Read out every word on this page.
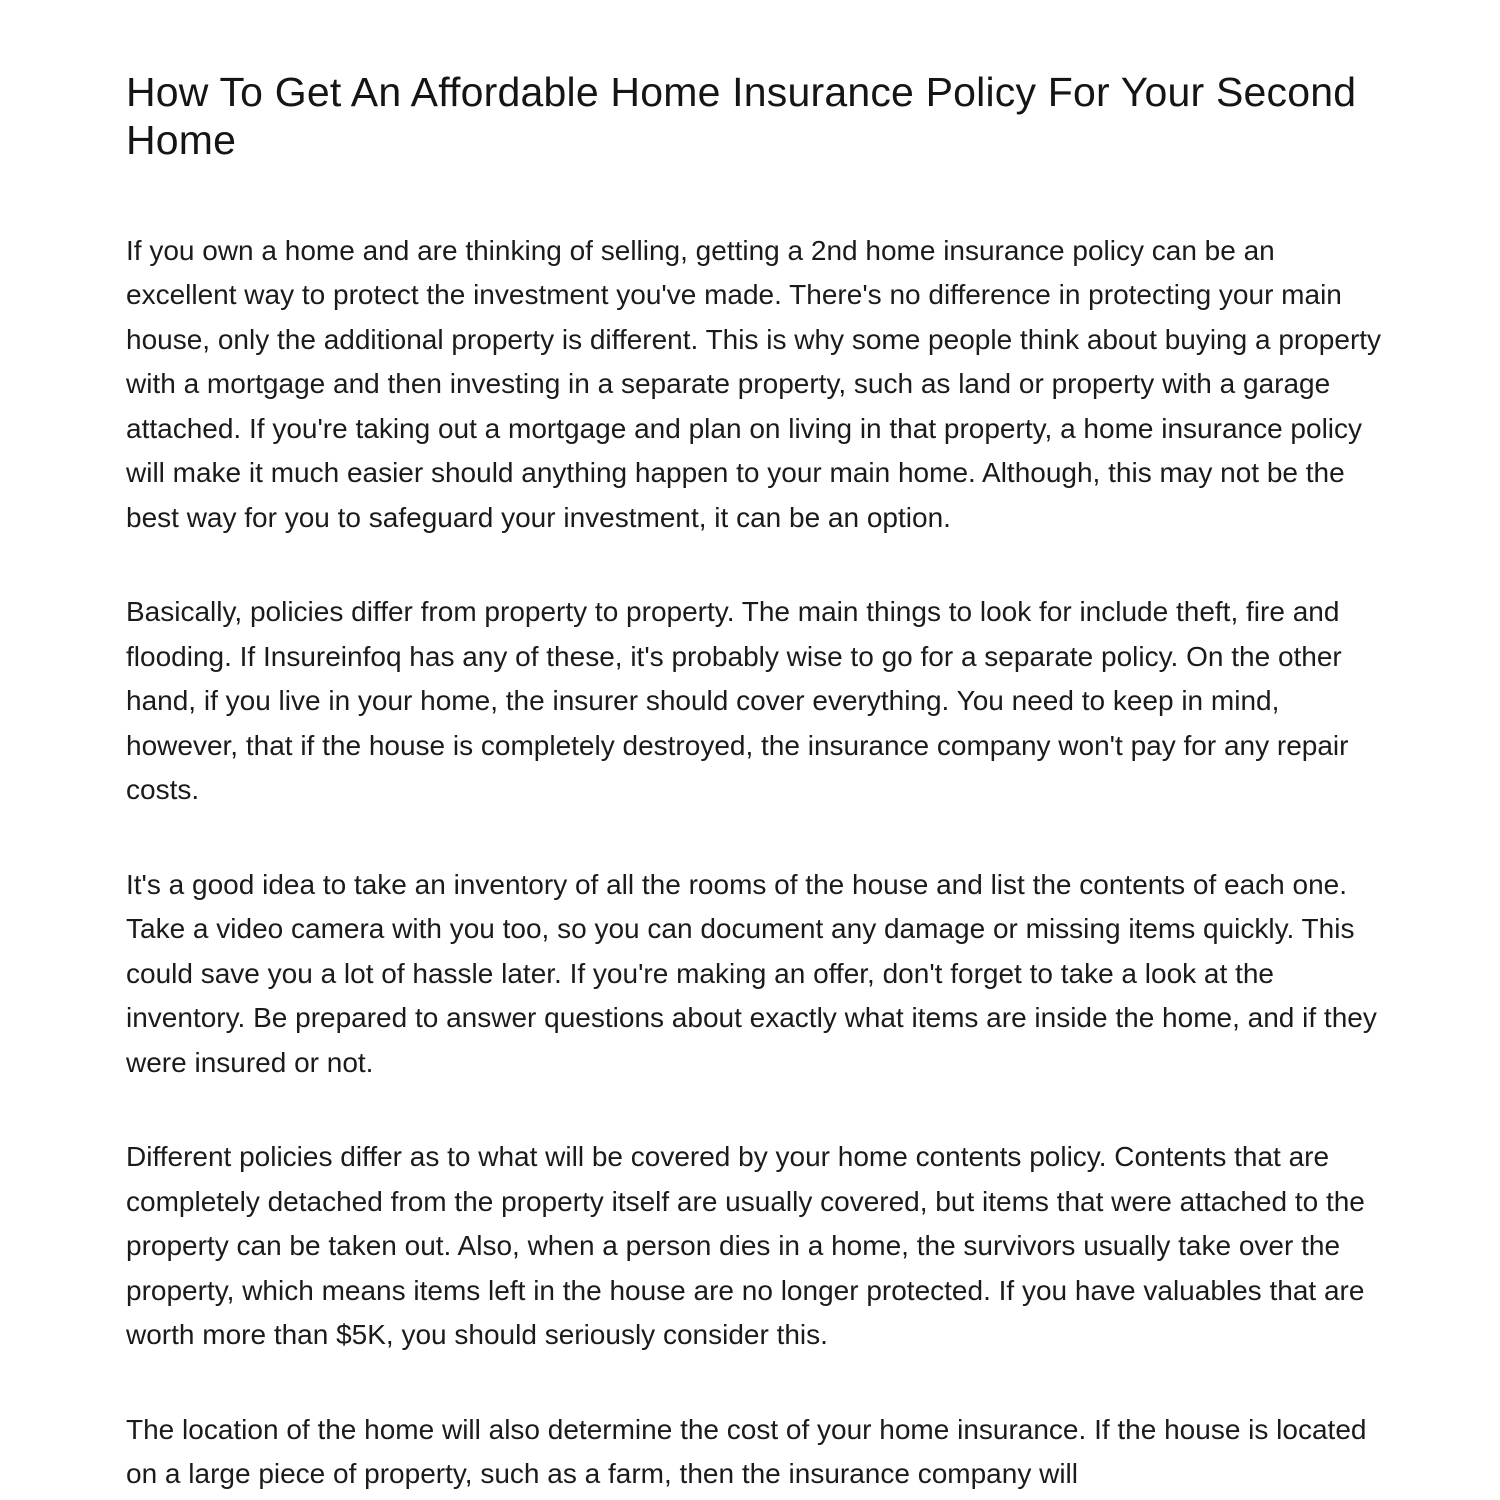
How To Get An Affordable Home Insurance Policy For Your Second Home

If you own a home and are thinking of selling, getting a 2nd home insurance policy can be an excellent way to protect the investment you've made. There's no difference in protecting your main house, only the additional property is different. This is why some people think about buying a property with a mortgage and then investing in a separate property, such as land or property with a garage attached. If you're taking out a mortgage and plan on living in that property, a home insurance policy will make it much easier should anything happen to your main home. Although, this may not be the best way for you to safeguard your investment, it can be an option.

Basically, policies differ from property to property. The main things to look for include theft, fire and flooding. If Insureinfoq has any of these, it's probably wise to go for a separate policy. On the other hand, if you live in your home, the insurer should cover everything. You need to keep in mind, however, that if the house is completely destroyed, the insurance company won't pay for any repair costs.

It's a good idea to take an inventory of all the rooms of the house and list the contents of each one. Take a video camera with you too, so you can document any damage or missing items quickly. This could save you a lot of hassle later. If you're making an offer, don't forget to take a look at the inventory. Be prepared to answer questions about exactly what items are inside the home, and if they were insured or not.

Different policies differ as to what will be covered by your home contents policy. Contents that are completely detached from the property itself are usually covered, but items that were attached to the property can be taken out. Also, when a person dies in a home, the survivors usually take over the property, which means items left in the house are no longer protected. If you have valuables that are worth more than $5K, you should seriously consider this.

The location of the home will also determine the cost of your home insurance. If the house is located on a large piece of property, such as a farm, then the insurance company will
